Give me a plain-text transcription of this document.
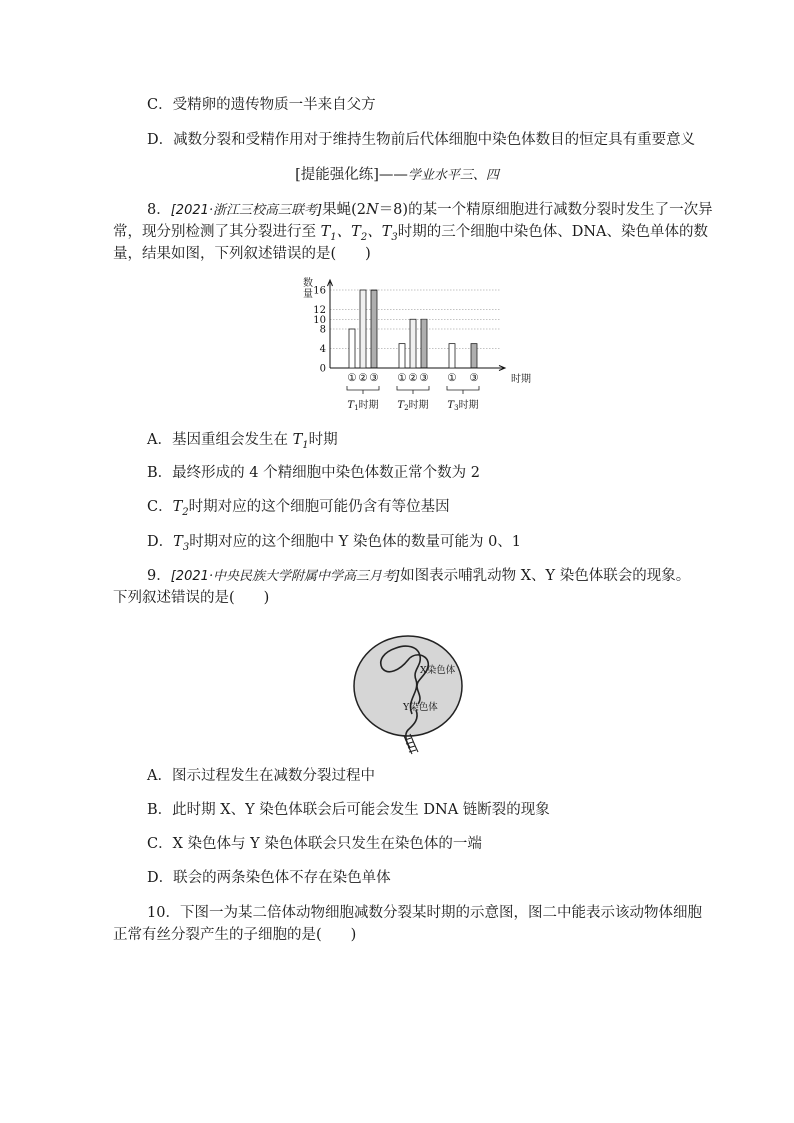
C．受精卵的遗传物质一半来自父方
D．减数分裂和受精作用对于维持生物前后代体细胞中染色体数目的恒定具有重要意义
[提能强化练]——学业水平三、四
8．[2021·浙江三校高三联考]果蝇(2N＝8)的某一个精原细胞进行减数分裂时发生了一次异
常，现分别检测了其分裂进行至 $T_1$、$T_2$、$T_3$时期的三个细胞中染色体、DNA、染色单体的数
量，结果如图，下列叙述错误的是(　　)
0
4
8
10
12
16
数
量
时期
① ② ③
$T_1$时期
① ② ③
$T_2$时期
① ③
$T_3$时期
A．基因重组会发生在 $T_1$时期
B．最终形成的 4 个精细胞中染色体数正常个数为 2
C．$T_2$时期对应的这个细胞可能仍含有等位基因
D．$T_3$时期对应的这个细胞中 Y 染色体的数量可能为 0、1
9．[2021·中央民族大学附属中学高三月考]如图表示哺乳动物 X、Y 染色体联会的现象。
下列叙述错误的是(　　)
X染色体
Y染色体
A．图示过程发生在减数分裂过程中
B．此时期 X、Y 染色体联会后可能会发生 DNA 链断裂的现象
C．X 染色体与 Y 染色体联会只发生在染色体的一端
D．联会的两条染色体不存在染色单体
10．下图一为某二倍体动物细胞减数分裂某时期的示意图，图二中能表示该动物体细胞
正常有丝分裂产生的子细胞的是(　　)
